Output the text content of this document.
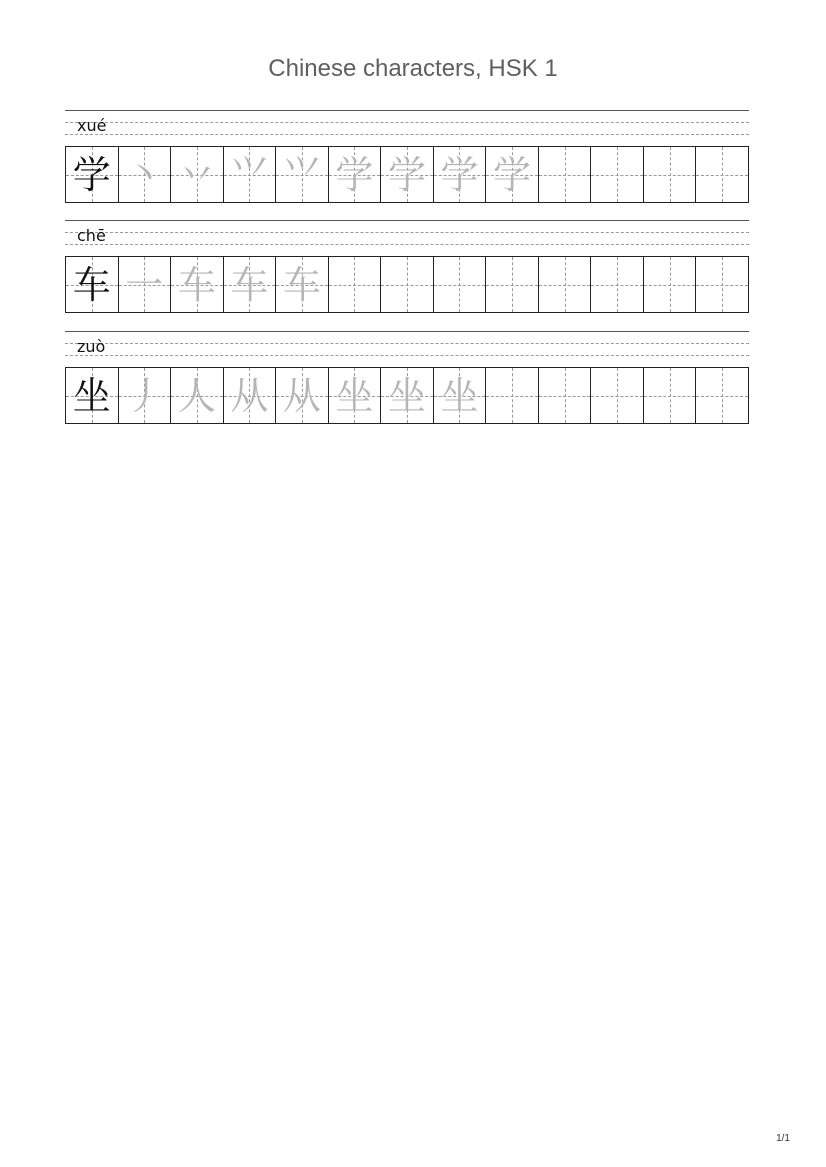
Chinese characters, HSK 1
xué
学 丶 丷 ⺍ ⺍ 学 学 学 学
chē
车 一 车 车 车
zuò
坐 丿 人 从 从 坐 坐 坐
1/1
